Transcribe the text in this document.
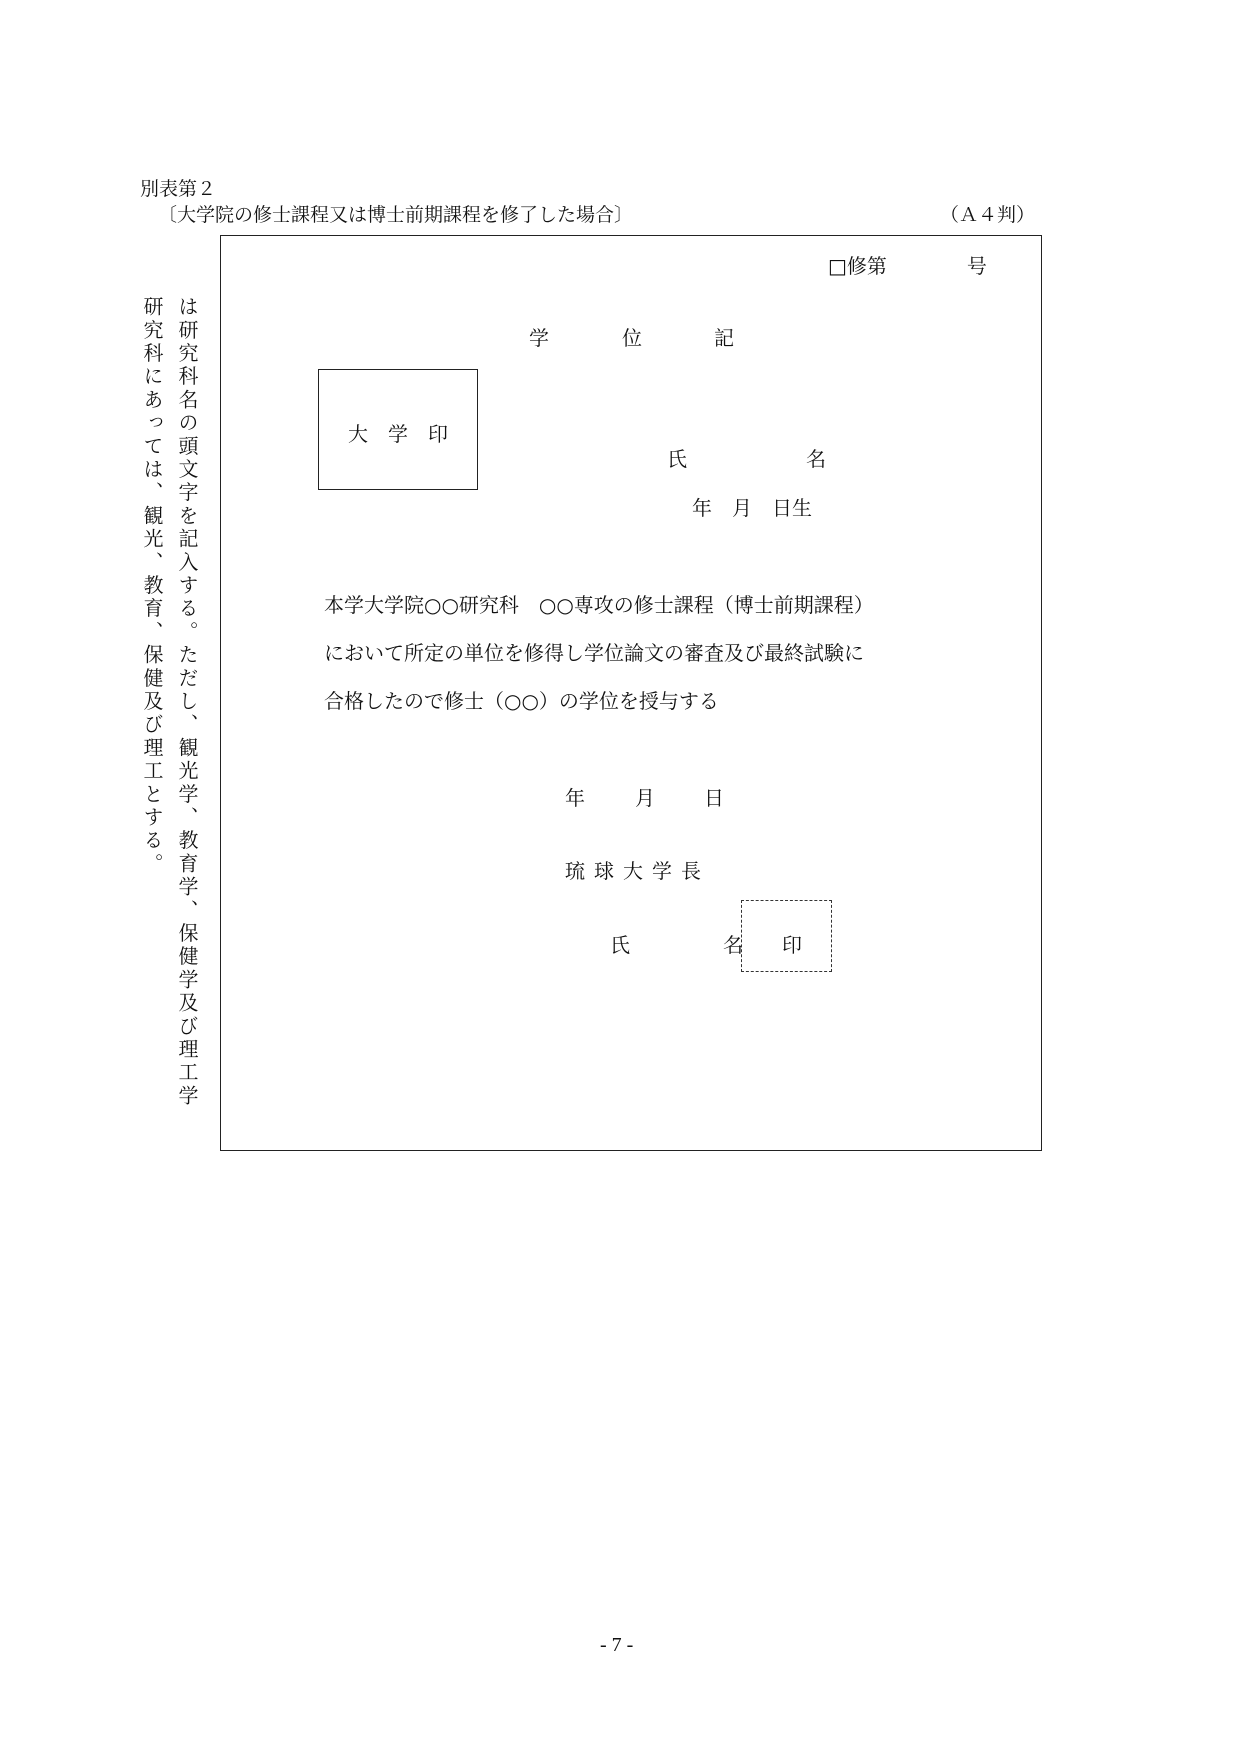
別表第２
〔大学院の修士課程又は博士前期課程を修了した場合〕	（Ａ４判）
は研究科名の頭文字を記入する。ただし、観光学、教育学、保健学及び理工学
研究科にあっては、観光、教育、保健及び理工とする。
□修第　　　　号
学	位	記
大　学　印
氏	名
年　月　日生
本学大学院○○研究科　○○専攻の修士課程（博士前期課程）
において所定の単位を修得し学位論文の審査及び最終試験に
合格したので修士（○○）の学位を授与する
年	月 日
琉球大学長
氏	名 印
- 7 -
